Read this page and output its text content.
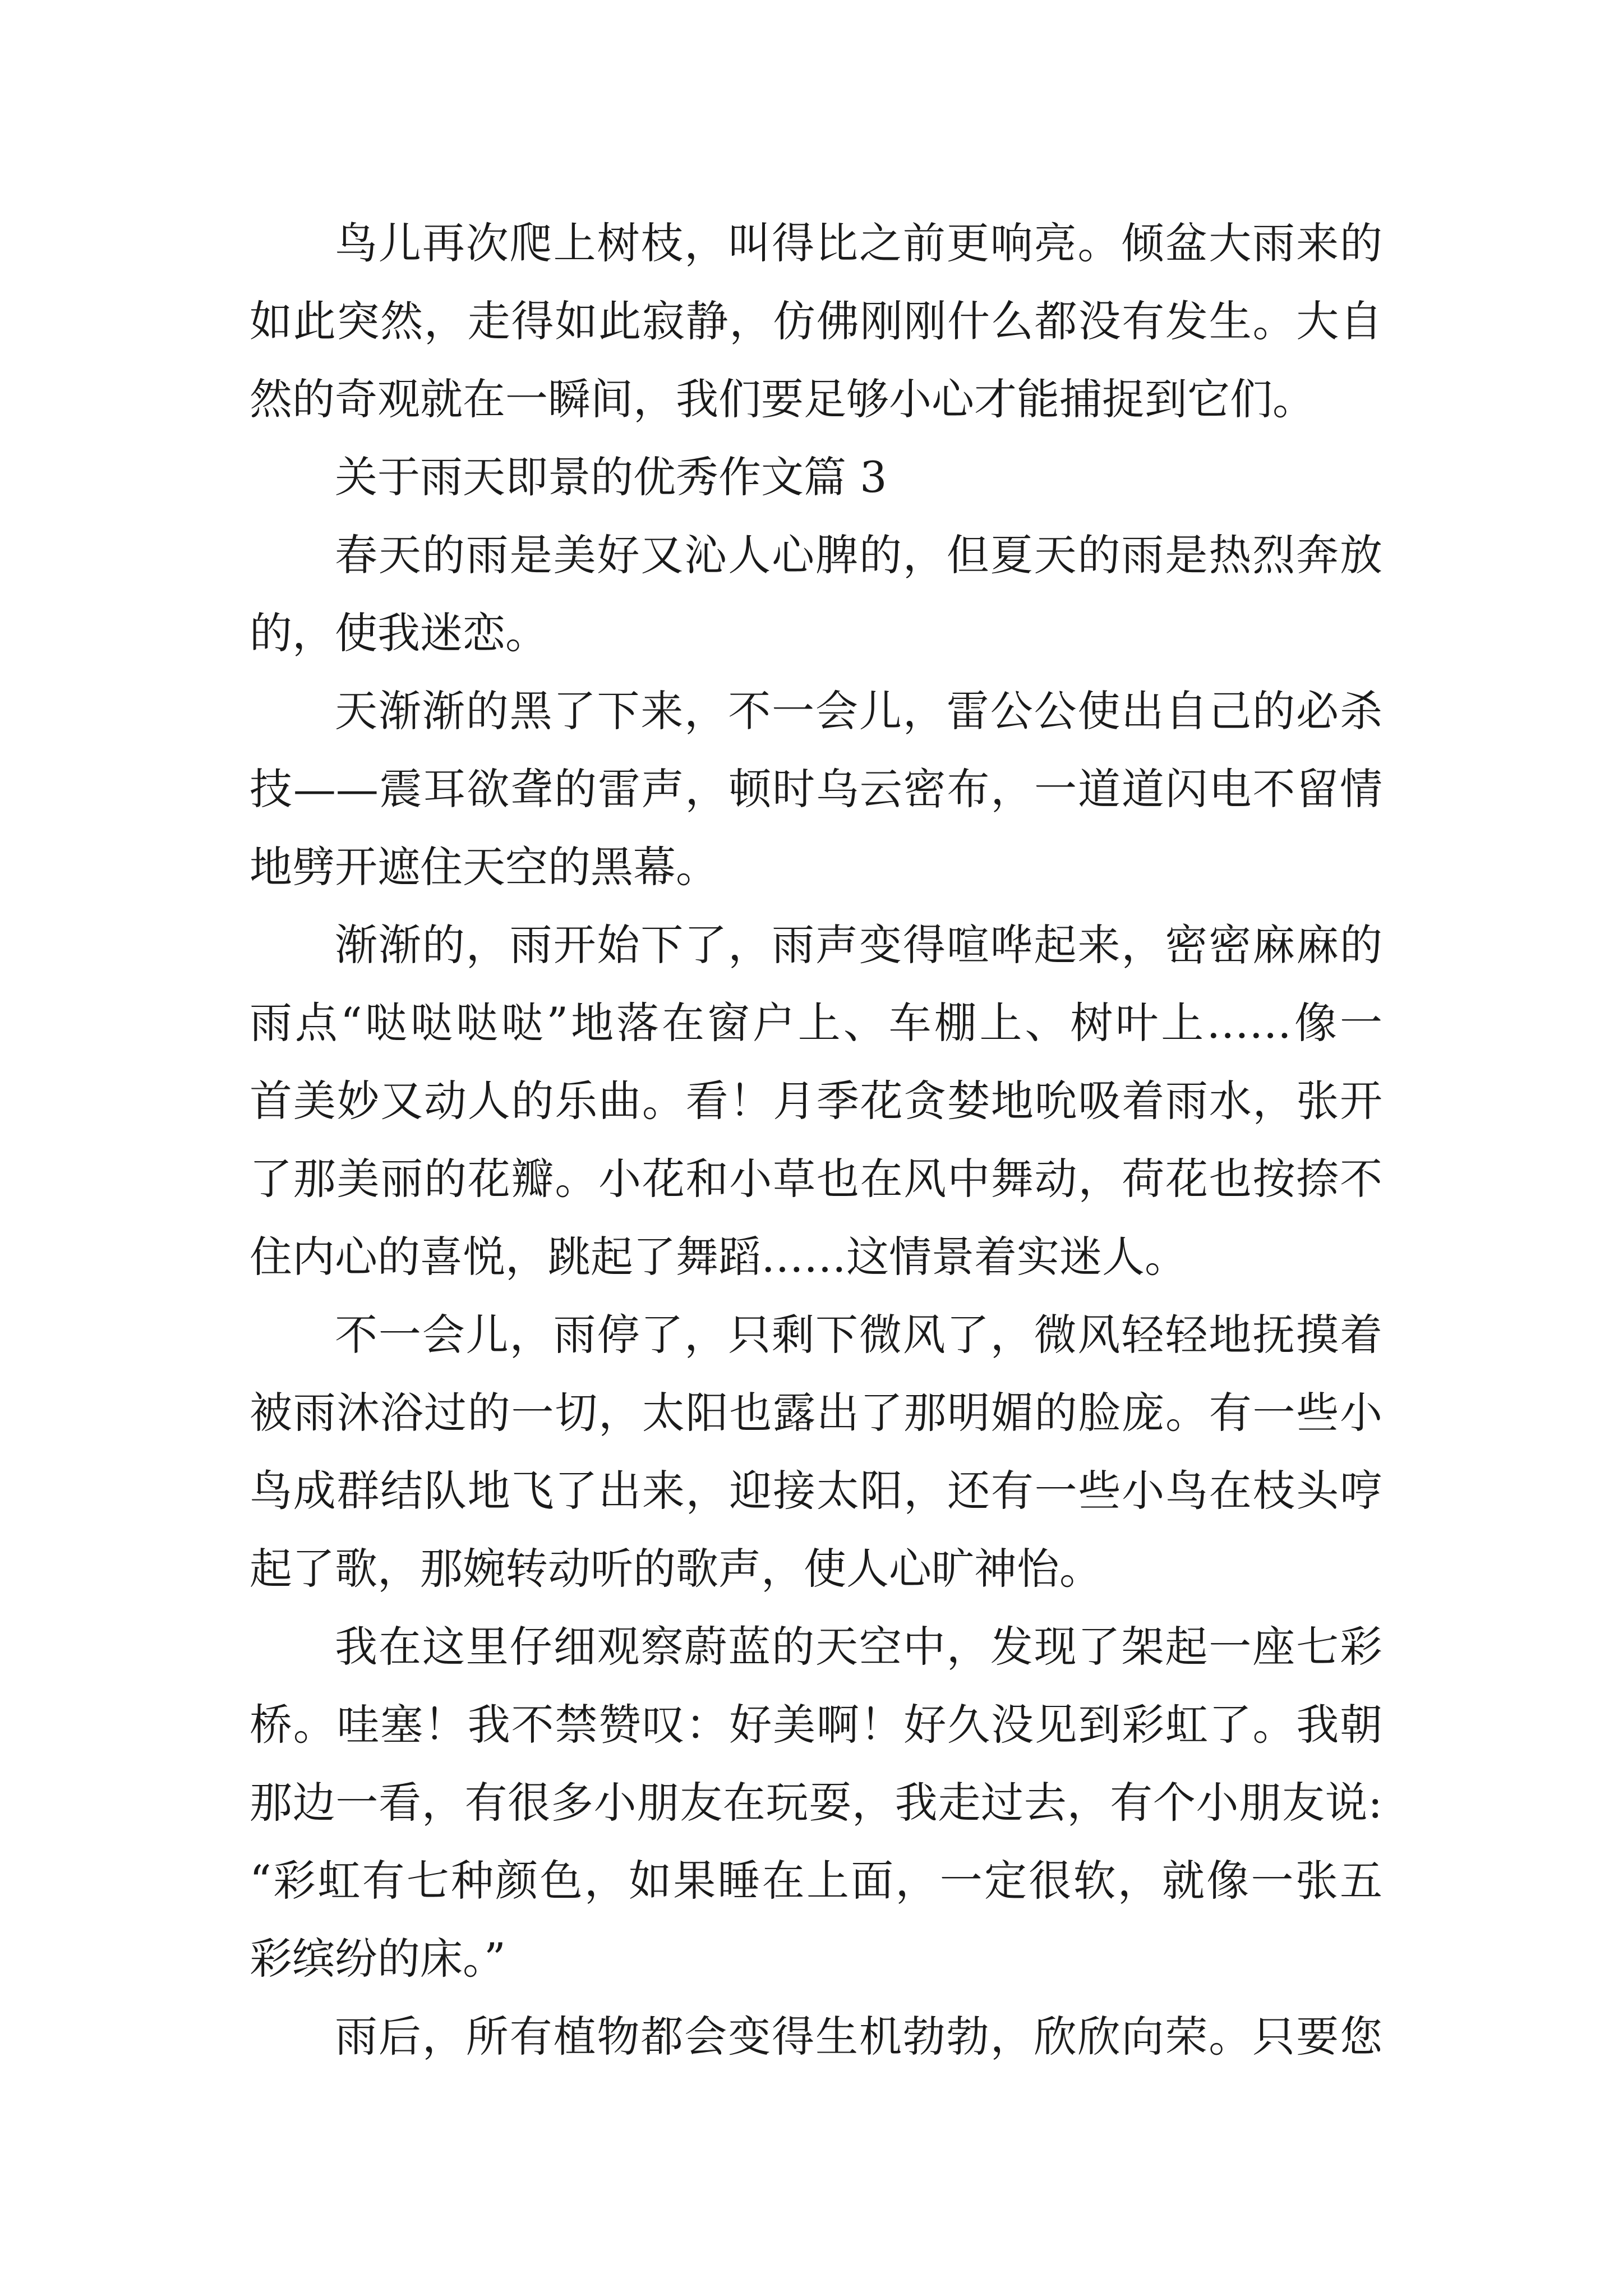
鸟儿再次爬上树枝，叫得比之前更响亮。倾盆大雨来的
如此突然，走得如此寂静，仿佛刚刚什么都没有发生。大自
然的奇观就在一瞬间，我们要足够小心才能捕捉到它们。
关于雨天即景的优秀作文篇 3
春天的雨是美好又沁人心脾的，但夏天的雨是热烈奔放
的，使我迷恋。
天渐渐的黑了下来，不一会儿，雷公公使出自己的必杀
技——震耳欲聋的雷声，顿时乌云密布，一道道闪电不留情
地劈开遮住天空的黑幕。
渐渐的，雨开始下了，雨声变得喧哗起来，密密麻麻的
雨点“哒哒哒哒”地落在窗户上、车棚上、树叶上……像一
首美妙又动人的乐曲。看！月季花贪婪地吮吸着雨水，张开
了那美丽的花瓣。小花和小草也在风中舞动，荷花也按捺不
住内心的喜悦，跳起了舞蹈……这情景着实迷人。
不一会儿，雨停了，只剩下微风了，微风轻轻地抚摸着
被雨沐浴过的一切，太阳也露出了那明媚的脸庞。有一些小
鸟成群结队地飞了出来，迎接太阳，还有一些小鸟在枝头哼
起了歌，那婉转动听的歌声，使人心旷神怡。
我在这里仔细观察蔚蓝的天空中，发现了架起一座七彩
桥。哇塞！我不禁赞叹：好美啊！好久没见到彩虹了。我朝
那边一看，有很多小朋友在玩耍，我走过去，有个小朋友说:
“彩虹有七种颜色，如果睡在上面，一定很软，就像一张五
彩缤纷的床。”
雨后，所有植物都会变得生机勃勃，欣欣向荣。只要您
